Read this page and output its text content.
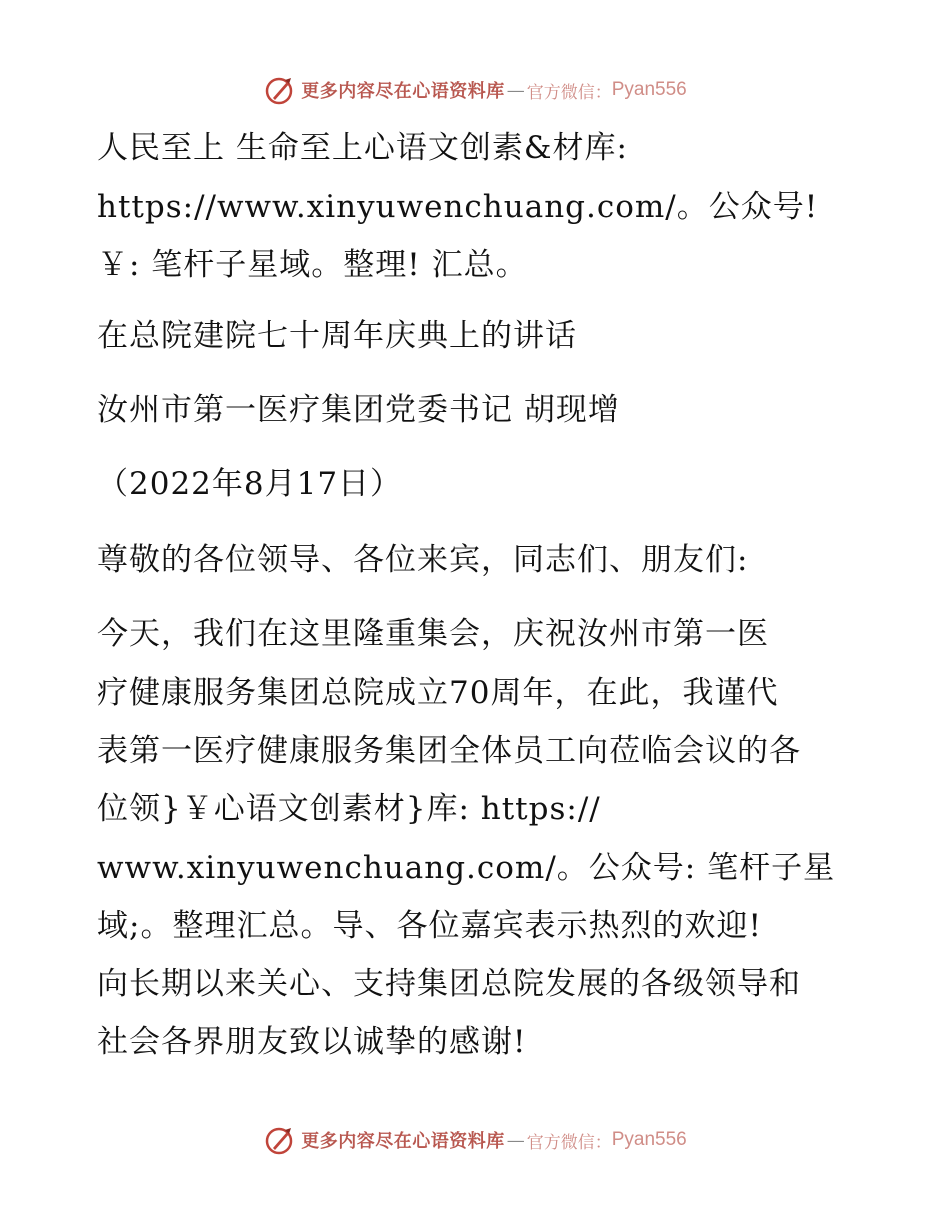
更多内容尽在心语资料库 — 官方微信： Pyan556
人民至上 生命至上心语文创素&材库:
https://www.xinyuwenchuang.com/。公众号!
￥: 笔杆子星域。整理! 汇总。
在总院建院七十周年庆典上的讲话
汝州市第一医疗集团党委书记 胡现增
（2022年8月17日）
尊敬的各位领导、各位来宾，同志们、朋友们:
今天，我们在这里隆重集会，庆祝汝州市第一医
疗健康服务集团总院成立70周年，在此，我谨代
表第一医疗健康服务集团全体员工向莅临会议的各
位领}￥心语文创素材}库: https://
www.xinyuwenchuang.com/。公众号: 笔杆子星
域;。整理汇总。导、各位嘉宾表示热烈的欢迎!
向长期以来关心、支持集团总院发展的各级领导和
社会各界朋友致以诚挚的感谢!
更多内容尽在心语资料库 — 官方微信： Pyan556
